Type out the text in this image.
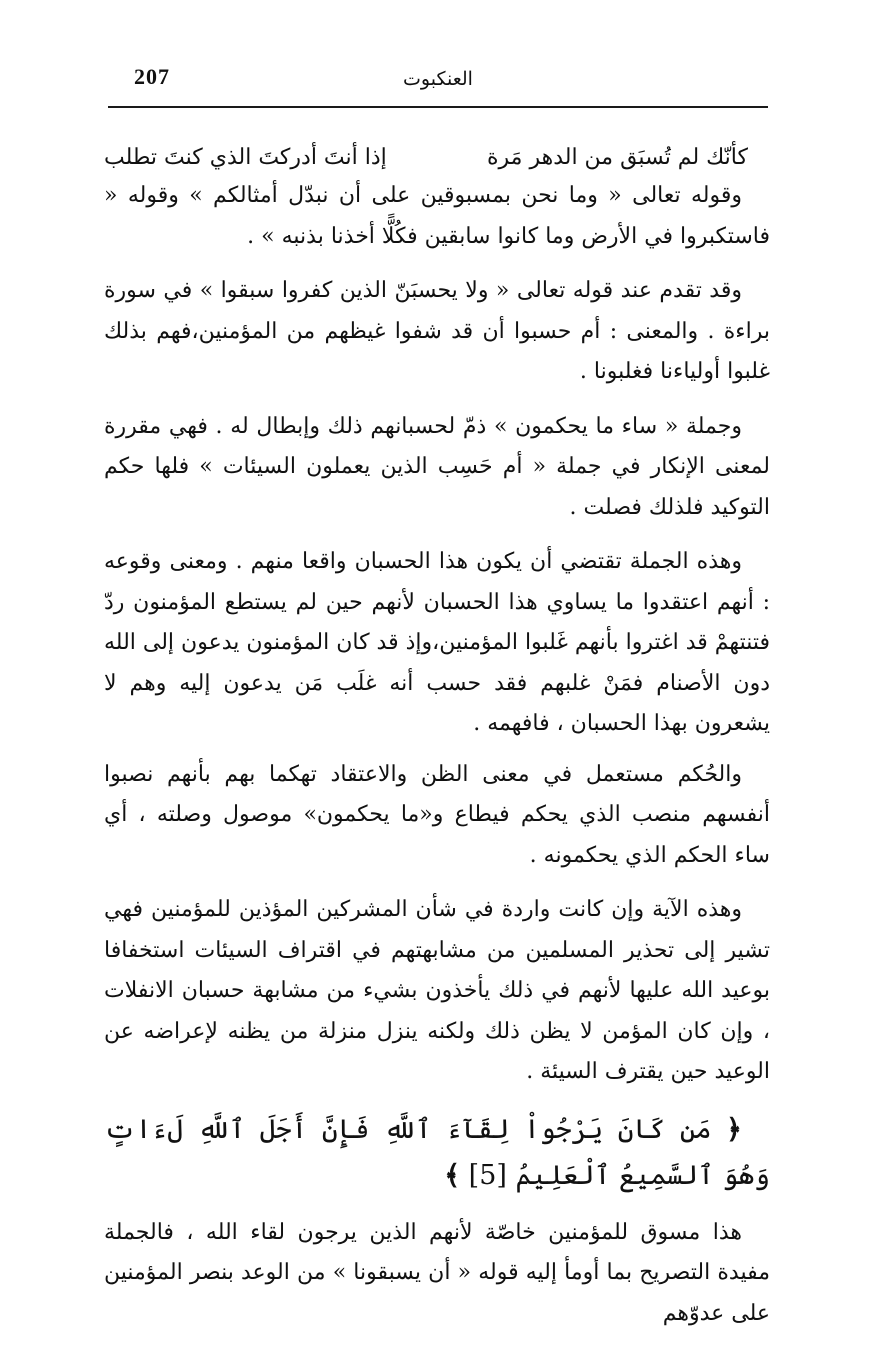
العنكبوت
207
كأنّك لم تُسبَق من الدهر مَرة
إذا أنتَ أدركتَ الذي كنتَ تطلب

وقوله تعالى « وما نحن بمسبوقين على أن نبدّل أمثالكم » وقوله « فاستكبروا في الأرض وما كانوا سابقين فكُلًّا أخذنا بذنبه » .

وقد تقدم عند قوله تعالى « ولا يحسبَنّ الذين كفروا سبقوا » في سورة براءة . والمعنى : أم حسبوا أن قد شفوا غيظهم من المؤمنين،فهم بذلك غلبوا أولياءنا فغلبونا .

وجملة « ساء ما يحكمون » ذمّ لحسبانهم ذلك وإبطال له . فهي مقررة لمعنى الإنكار في جملة « أم حَسِب الذين يعملون السيئات » فلها حكم التوكيد فلذلك فصلت .

وهذه الجملة تقتضي أن يكون هذا الحسبان واقعا منهم . ومعنى وقوعه : أنهم اعتقدوا ما يساوي هذا الحسبان لأنهم حين لم يستطع المؤمنون ردّ فتنتهمْ قد اغتروا بأنهم غَلبوا المؤمنين،وإذ قد كان المؤمنون يدعون إلى الله دون الأصنام فمَنْ غلبهم فقد حسب أنه غلَب مَن يدعون إليه وهم لا يشعرون بهذا الحسبان ، فافهمه .

والحُكم مستعمل في معنى الظن والاعتقاد تهكما بهم بأنهم نصبوا أنفسهم منصب الذي يحكم فيطاع و«ما يحكمون» موصول وصلته ، أي ساء الحكم الذي يحكمونه .

وهذه الآية وإن كانت واردة في شأن المشركين المؤذين للمؤمنين فهي تشير إلى تحذير المسلمين من مشابهتهم في اقتراف السيئات استخفافا بوعيد الله عليها لأنهم في ذلك يأخذون بشيء من مشابهة حسبان الانفلات ، وإن كان المؤمن لا يظن ذلك ولكنه ينزل منزلة من يظنه لإعراضه عن الوعيد حين يقترف السيئة .

﴿ مَن كَانَ يَرْجُواْ لِقَآءَ ٱللَّهِ فَإِنَّ أَجَلَ ٱللَّهِ لَءَاتٍ وَهُوَ ٱلسَّمِيعُ ٱلْعَلِيمُ [5] ﴾

هذا مسوق للمؤمنين خاصّة لأنهم الذين يرجون لقاء الله ، فالجملة مفيدة التصريح بما أومأ إليه قوله « أن يسبقونا » من الوعد بنصر المؤمنين على عدوّهم
